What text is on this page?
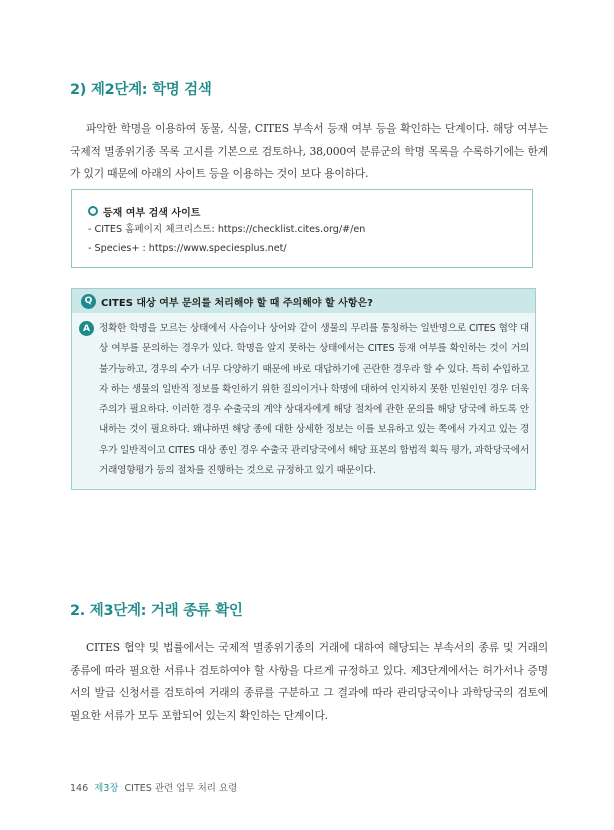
2) 제2단계: 학명 검색

파악한 학명을 이용하여 동물, 식물, CITES 부속서 등재 여부 등을 확인하는 단계이다. 해당 여부는 국제적 멸종위기종 목록 고시를 기본으로 검토하나, 38,000여 분류군의 학명 목록을 수록하기에는 한계가 있기 때문에 아래의 사이트 등을 이용하는 것이 보다 용이하다.

등재 여부 검색 사이트
- CITES 홈페이지 체크리스트: https://checklist.cites.org/#/en
- Species+ : https://www.speciesplus.net/
Q CITES 대상 여부 문의를 처리해야 할 때 주의해야 할 사항은?
A 정확한 학명을 모르는 상태에서 사슴이나 상어와 같이 생물의 무리를 통칭하는 일반명으로 CITES 협약 대상 여부를 문의하는 경우가 있다. 학명을 알지 못하는 상태에서는 CITES 등재 여부를 확인하는 것이 거의 불가능하고, 경우의 수가 너무 다양하기 때문에 바로 대답하기에 곤란한 경우라 할 수 있다. 특히 수입하고자 하는 생물의 일반적 정보를 확인하기 위한 질의이거나 학명에 대하여 인지하지 못한 민원인인 경우 더욱 주의가 필요하다. 이러한 경우 수출국의 계약 상대자에게 해당 절차에 관한 문의를 해당 당국에 하도록 안내하는 것이 필요하다. 왜냐하면 해당 종에 대한 상세한 정보는 이를 보유하고 있는 쪽에서 가지고 있는 경우가 일반적이고 CITES 대상 종인 경우 수출국 관리당국에서 해당 표본의 합법적 획득 평가, 과학당국에서 거래영향평가 등의 절차를 진행하는 것으로 규정하고 있기 때문이다.

2. 제3단계: 거래 종류 확인

CITES 협약 및 법률에서는 국제적 멸종위기종의 거래에 대하여 해당되는 부속서의 종류 및 거래의 종류에 따라 필요한 서류나 검토하여야 할 사항을 다르게 규정하고 있다. 제3단계에서는 허가서나 증명서의 발급 신청서를 검토하여 거래의 종류를 구분하고 그 결과에 따라 관리당국이나 과학당국의 검토에 필요한 서류가 모두 포함되어 있는지 확인하는 단계이다.

146 제3장 CITES 관련 업무 처리 요령
